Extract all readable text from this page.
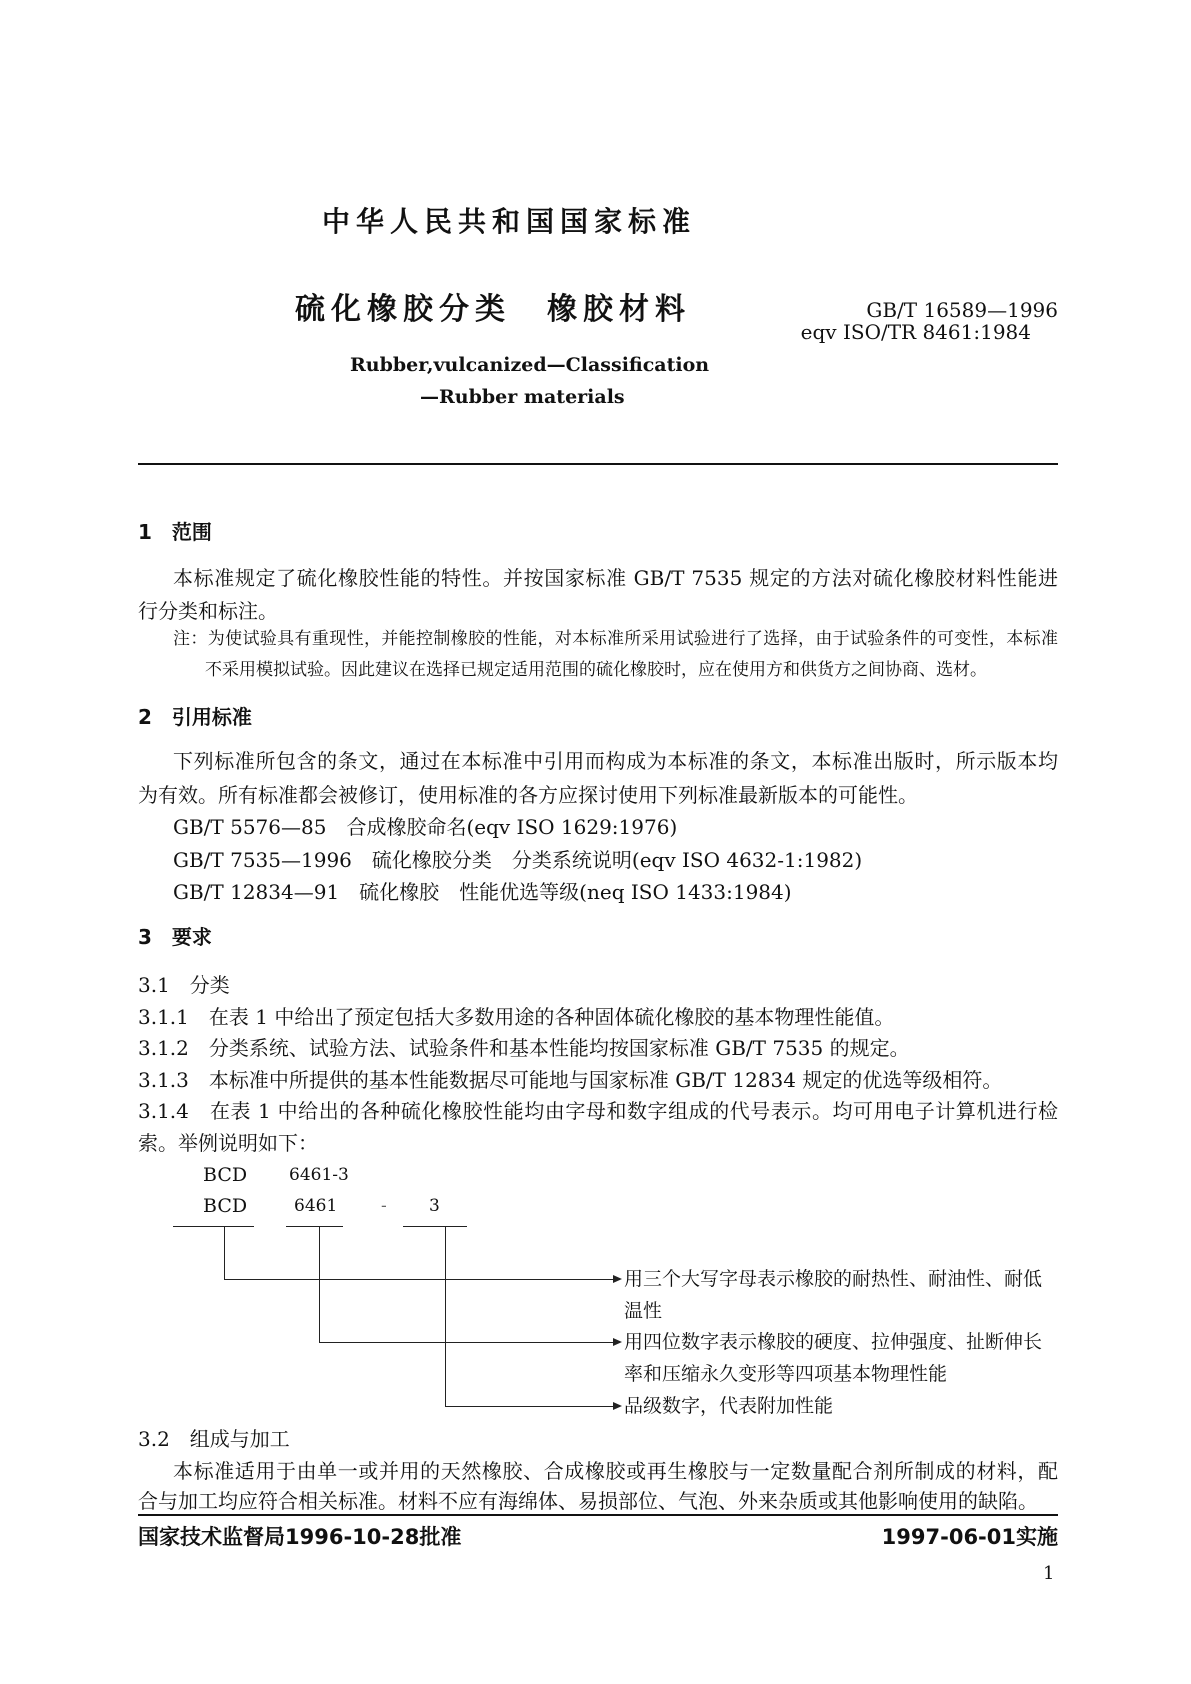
中华人民共和国国家标准
硫化橡胶分类　橡胶材料	GB/T 16589—1996
eqv ISO/TR 8461:1984
Rubber,vulcanized—Classification
—Rubber materials
1　范围
本标准规定了硫化橡胶性能的特性。并按国家标准 GB/T 7535 规定的方法对硫化橡胶材料性能进
行分类和标注。
注：为使试验具有重现性，并能控制橡胶的性能，对本标准所采用试验进行了选择，由于试验条件的可变性，本标准
不采用模拟试验。因此建议在选择已规定适用范围的硫化橡胶时，应在使用方和供货方之间协商、选材。
2　引用标准
下列标准所包含的条文，通过在本标准中引用而构成为本标准的条文，本标准出版时，所示版本均
为有效。所有标准都会被修订，使用标准的各方应探讨使用下列标准最新版本的可能性。
GB/T 5576—85　合成橡胶命名(eqv ISO 1629:1976)
GB/T 7535—1996　硫化橡胶分类　分类系统说明(eqv ISO 4632-1:1982)
GB/T 12834—91　硫化橡胶　性能优选等级(neq ISO 1433:1984)
3　要求
3.1　分类
3.1.1　在表 1 中给出了预定包括大多数用途的各种固体硫化橡胶的基本物理性能值。
3.1.2　分类系统、试验方法、试验条件和基本性能均按国家标准 GB/T 7535 的规定。
3.1.3　本标准中所提供的基本性能数据尽可能地与国家标准 GB/T 12834 规定的优选等级相符。
3.1.4　在表 1 中给出的各种硫化橡胶性能均由字母和数字组成的代号表示。均可用电子计算机进行检
索。举例说明如下：
BCD 6461-3
BCD	6461	- 3
用三个大写字母表示橡胶的耐热性、耐油性、耐低
温性
用四位数字表示橡胶的硬度、拉伸强度、扯断伸长
率和压缩永久变形等四项基本物理性能
品级数字，代表附加性能
3.2　组成与加工
本标准适用于由单一或并用的天然橡胶、合成橡胶或再生橡胶与一定数量配合剂所制成的材料，配
合与加工均应符合相关标准。材料不应有海绵体、易损部位、气泡、外来杂质或其他影响使用的缺陷。
国家技术监督局1996-10-28批准	1997-06-01实施
1
